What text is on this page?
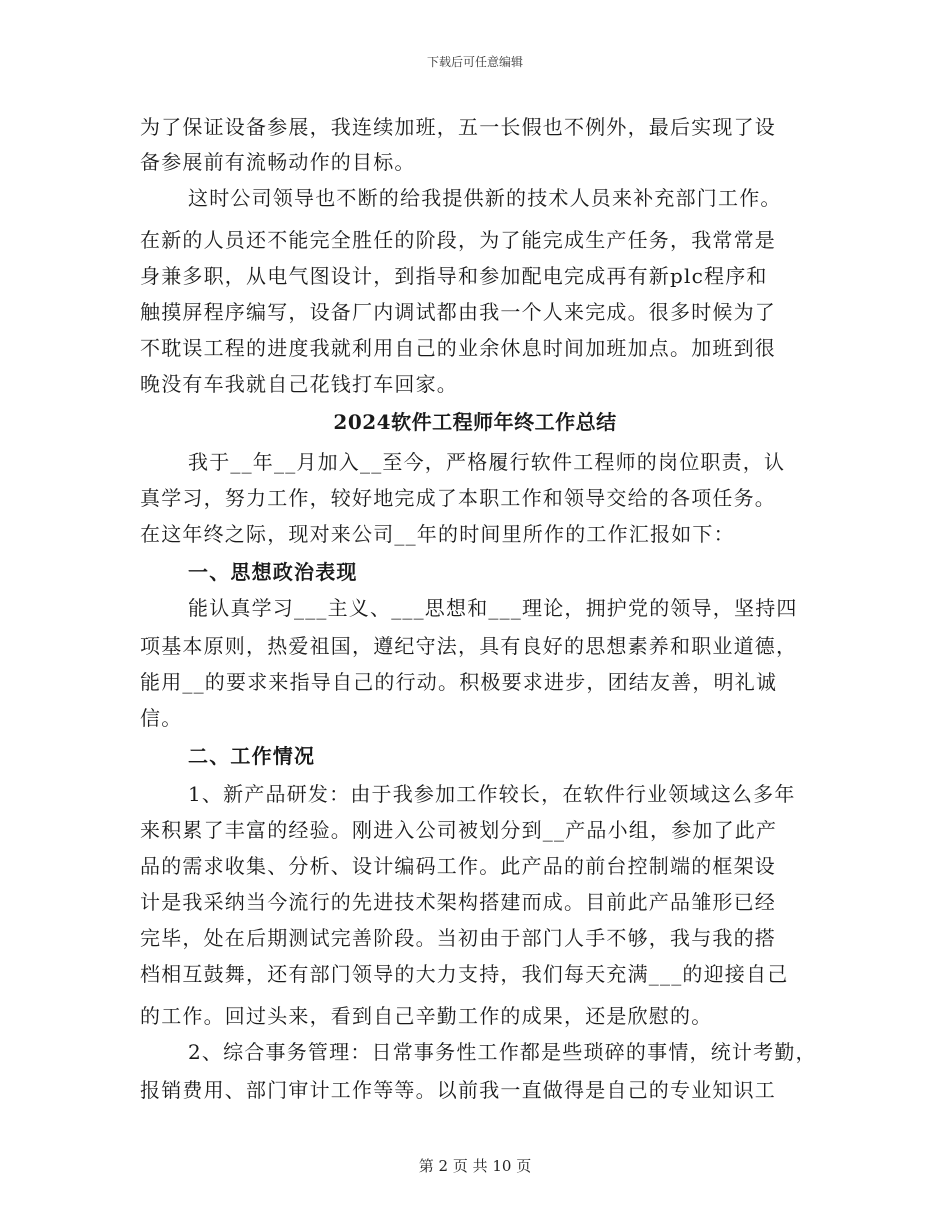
下载后可任意编辑
为了保证设备参展，我连续加班，五一长假也不例外，最后实现了设
备参展前有流畅动作的目标。
这时公司领导也不断的给我提供新的技术人员来补充部门工作。
在新的人员还不能完全胜任的阶段，为了能完成生产任务，我常常是
身兼多职，从电气图设计，到指导和参加配电完成再有新plc程序和
触摸屏程序编写，设备厂内调试都由我一个人来完成。很多时候为了
不耽误工程的进度我就利用自己的业余休息时间加班加点。加班到很
晚没有车我就自己花钱打车回家。
2024软件工程师年终工作总结
我于__年__月加入__至今，严格履行软件工程师的岗位职责，认
真学习，努力工作，较好地完成了本职工作和领导交给的各项任务。
在这年终之际，现对来公司__年的时间里所作的工作汇报如下：
一、思想政治表现
能认真学习___主义、___思想和___理论，拥护党的领导，坚持四
项基本原则，热爱祖国，遵纪守法，具有良好的思想素养和职业道德，
能用__的要求来指导自己的行动。积极要求进步，团结友善，明礼诚
信。
二、工作情况
1、新产品研发：由于我参加工作较长，在软件行业领域这么多年
来积累了丰富的经验。刚进入公司被划分到__产品小组，参加了此产
品的需求收集、分析、设计编码工作。此产品的前台控制端的框架设
计是我采纳当今流行的先进技术架构搭建而成。目前此产品雏形已经
完毕，处在后期测试完善阶段。当初由于部门人手不够，我与我的搭
档相互鼓舞，还有部门领导的大力支持，我们每天充满___的迎接自己
的工作。回过头来，看到自己辛勤工作的成果，还是欣慰的。
2、综合事务管理：日常事务性工作都是些琐碎的事情，统计考勤，
报销费用、部门审计工作等等。以前我一直做得是自己的专业知识工
第 2 页 共 10 页
